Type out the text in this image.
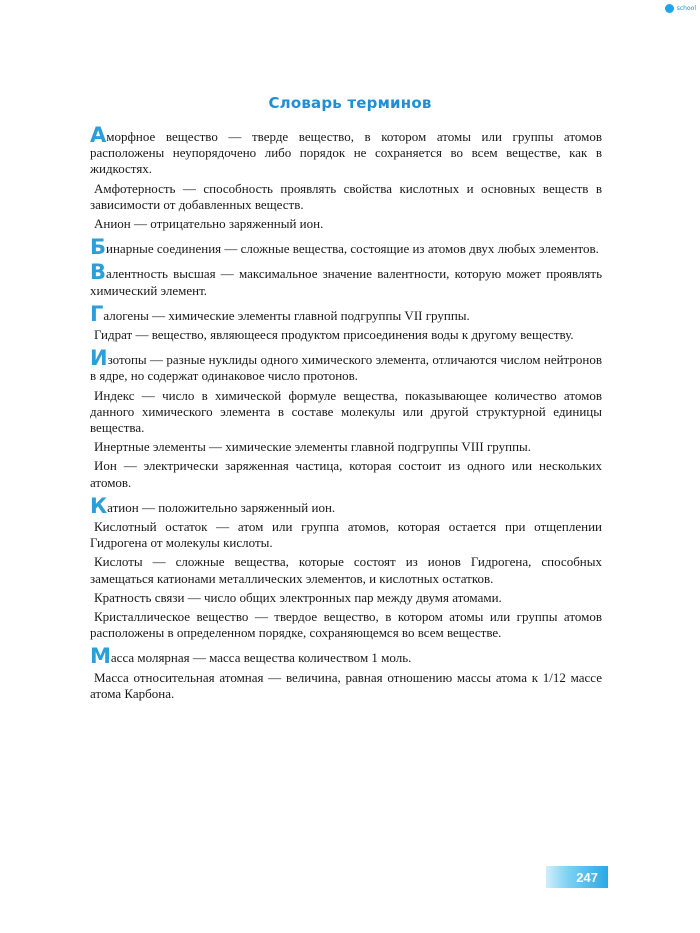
school
Словарь терминов

Аморфное вещество — тверде вещество, в котором атомы или группы атомов расположены неупорядочено либо порядок не сохраняется во всем веществе, как в жидкостях.

Амфотерность — способность проявлять свойства кислотных и основных веществ в зависимости от добавленных веществ.

Анион — отрицательно заряженный ион.

Бинарные соединения — сложные вещества, состоящие из атомов двух любых элементов.

Валентность высшая — максимальное значение валентности, которую может проявлять химический элемент.

Галогены — химические элементы главной подгруппы VII группы.

Гидрат — вещество, являющееся продуктом присоединения воды к другому веществу.

Изотопы — разные нуклиды одного химического элемента, отличаются числом нейтронов в ядре, но содержат одинаковое число протонов.

Индекс — число в химической формуле вещества, показывающее количество атомов данного химического элемента в составе молекулы или другой структурной единицы вещества.

Инертные элементы — химические элементы главной подгруппы VIII группы.

Ион — электрически заряженная частица, которая состоит из одного или нескольких атомов.

Катион — положительно заряженный ион.

Кислотный остаток — атом или группа атомов, которая остается при отщеплении Гидрогена от молекулы кислоты.

Кислоты — сложные вещества, которые состоят из ионов Гидрогена, способных замещаться катионами металлических элементов, и кислотных остатков.

Кратность связи — число общих электронных пар между двумя атомами.

Кристаллическое вещество — твердое вещество, в котором атомы или группы атомов расположены в определенном порядке, сохраняющемся во всем веществе.

Масса молярная — масса вещества количеством 1 моль.

Масса относительная атомная — величина, равная отношению массы атома к 1/12 массе атома Карбона.

247
